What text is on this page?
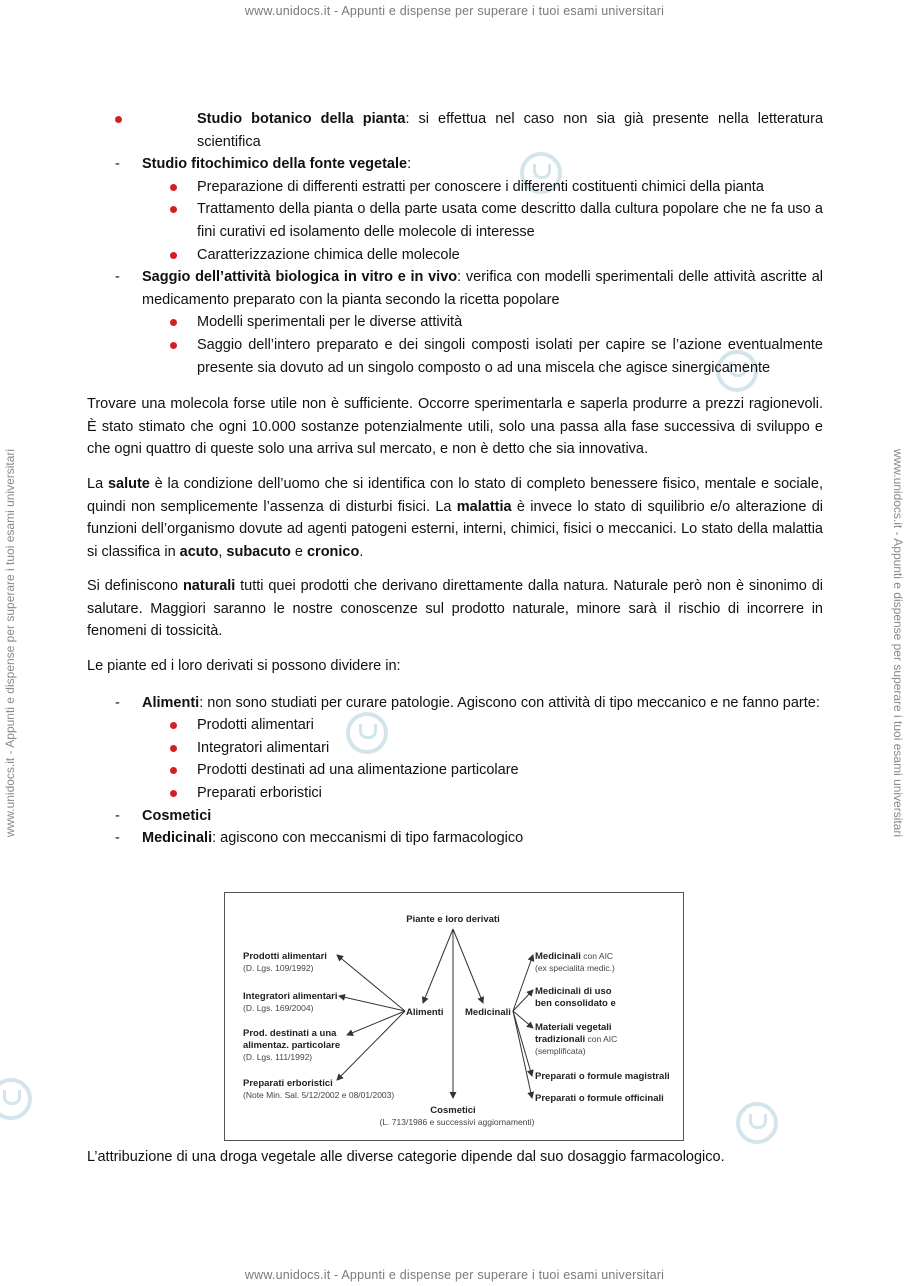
www.unidocs.it - Appunti e dispense per superare i tuoi esami universitari
www.unidocs.it - Appunti e dispense per superare i tuoi esami universitari
www.unidocs.it - Appunti e dispense per superare i tuoi esami universitari	www.unidocs.it - Appunti e dispense per superare i tuoi esami universitari
Studio botanico della pianta: si effettua nel caso non sia già presente nella letteratura scientifica
- Studio fitochimico della fonte vegetale:
Preparazione di differenti estratti per conoscere i differenti costituenti chimici della pianta
Trattamento della pianta o della parte usata come descritto dalla cultura popolare che ne fa uso a fini curativi ed isolamento delle molecole di interesse
Caratterizzazione chimica delle molecole
- Saggio dell’attività biologica in vitro e in vivo: verifica con modelli sperimentali delle attività ascritte al medicamento preparato con la pianta secondo la ricetta popolare
Modelli sperimentali per le diverse attività
Saggio dell’intero preparato e dei singoli composti isolati per capire se l’azione eventualmente presente sia dovuto ad un singolo composto o ad una miscela che agisce sinergicamente

Trovare una molecola forse utile non è sufficiente. Occorre sperimentarla e saperla produrre a prezzi ragionevoli. È stato stimato che ogni 10.000 sostanze potenzialmente utili, solo una passa alla fase successiva di sviluppo e che ogni quattro di queste solo una arriva sul mercato, e non è detto che sia innovativa.

La salute è la condizione dell’uomo che si identifica con lo stato di completo benessere fisico, mentale e sociale, quindi non semplicemente l’assenza di disturbi fisici. La malattia è invece lo stato di squilibrio e/o alterazione di funzioni dell’organismo dovute ad agenti patogeni esterni, interni, chimici, fisici o meccanici. Lo stato della malattia si classifica in acuto, subacuto e cronico.

Si definiscono naturali tutti quei prodotti che derivano direttamente dalla natura. Naturale però non è sinonimo di salutare. Maggiori saranno le nostre conoscenze sul prodotto naturale, minore sarà il rischio di incorrere in fenomeni di tossicità.

Le piante ed i loro derivati si possono dividere in:

- Alimenti: non sono studiati per curare patologie. Agiscono con attività di tipo meccanico e ne fanno parte:
Prodotti alimentari
Integratori alimentari
Prodotti destinati ad una alimentazione particolare
Preparati erboristici
- Cosmetici
- Medicinali: agiscono con meccanismi di tipo farmacologico
Piante e loro derivati
Alimenti Medicinali
Prodotti alimentari
(D. Lgs. 109/1992)
Integratori alimentari
(D. Lgs. 169/2004)
Prod. destinati a una
alimentaz. particolare
(D. Lgs. 111/1992)
Preparati erboristici
(Note Min. Sal. 5/12/2002 e 08/01/2003)
Medicinali con AIC
(ex specialità medic.)
Medicinali di uso
ben consolidato e
Materiali vegetali
tradizionali con AIC
(semplificata)
Preparati o formule magistrali
Preparati o formule officinali
Cosmetici
(L. 713/1986 e successivi aggiornamenti)
L’attribuzione di una droga vegetale alle diverse categorie dipende dal suo dosaggio farmacologico.
